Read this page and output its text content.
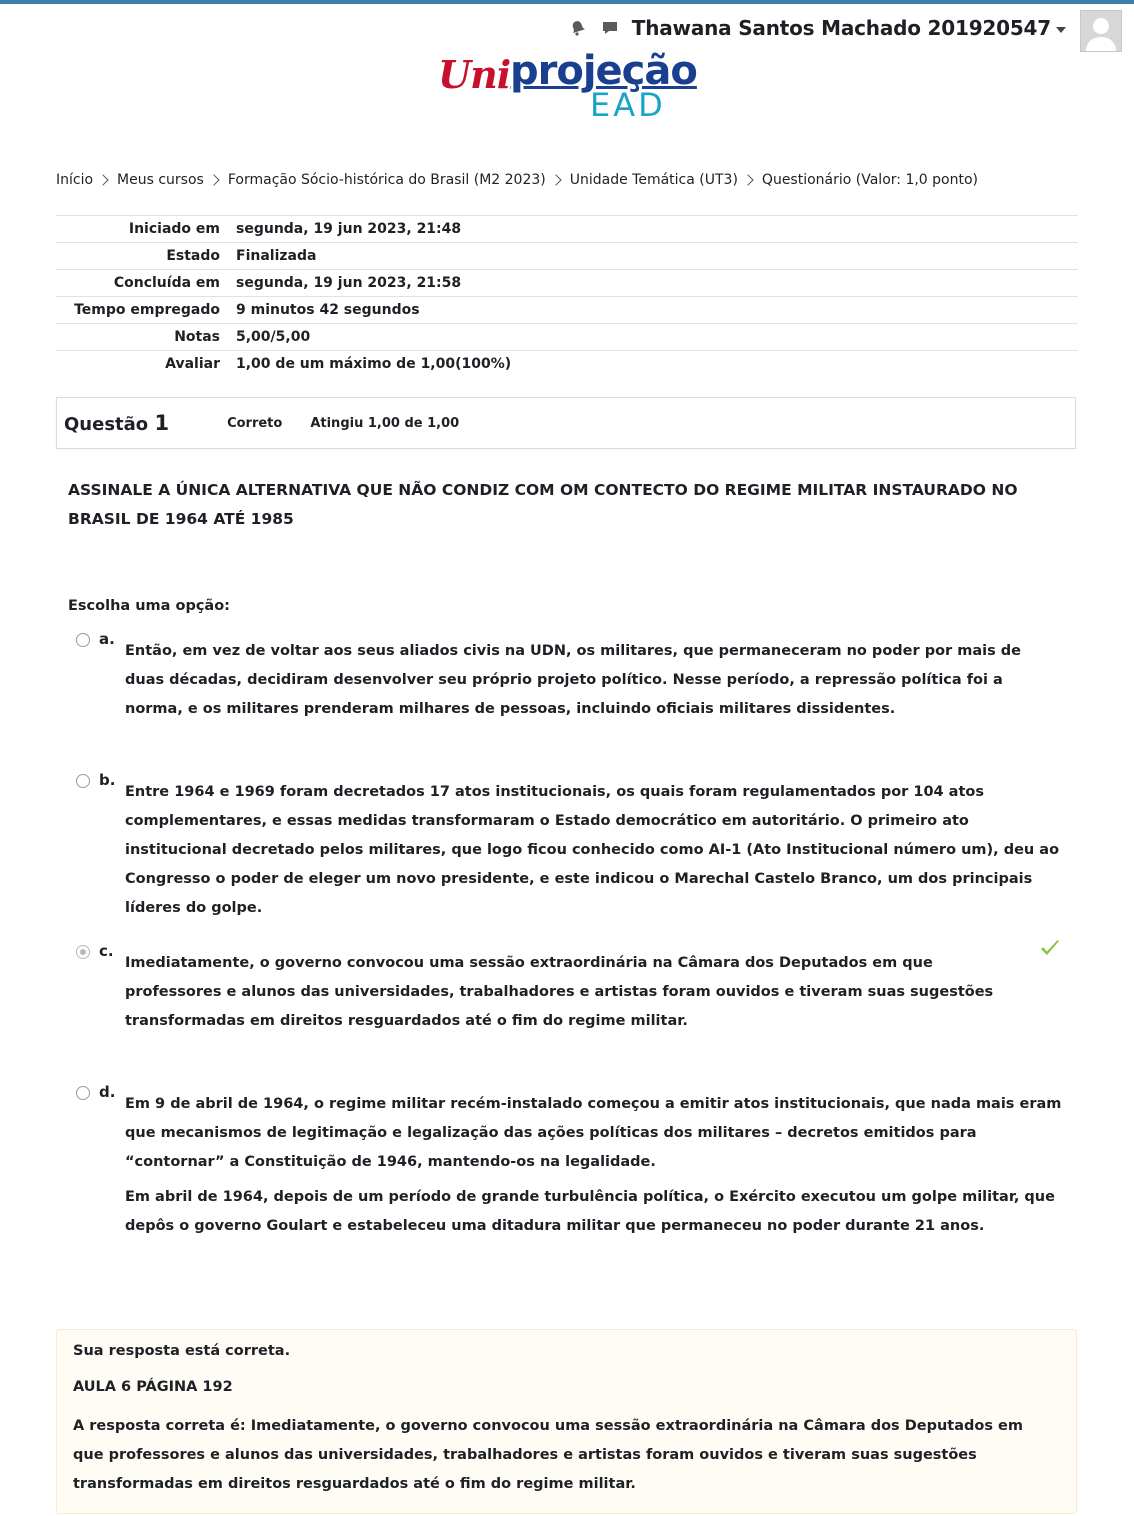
Thawana Santos Machado 201920547
Uni projeção
EAD
Início Meus cursos Formação Sócio-histórica do Brasil (M2 2023) Unidade Temática (UT3) Questionário (Valor: 1,0 ponto)
Iniciado em	segunda, 19 jun 2023, 21:48
Estado	Finalizada
Concluída em	segunda, 19 jun 2023, 21:58
Tempo empregado	9 minutos 42 segundos
Notas	5,00/5,00
Avaliar	1,00 de um máximo de 1,00(100%)
Questão 1	Correto Atingiu 1,00 de 1,00
ASSINALE A ÚNICA ALTERNATIVA QUE NÃO CONDIZ COM OM CONTECTO DO REGIME MILITAR INSTAURADO NO BRASIL DE 1964 ATÉ 1985
Escolha uma opção:
a.

Então, em vez de voltar aos seus aliados civis na UDN, os militares, que permaneceram no poder por mais de duas décadas, decidiram desenvolver seu próprio projeto político. Nesse período, a repressão política foi a norma, e os militares prenderam milhares de pessoas, incluindo oficiais militares dissidentes.

b.

Entre 1964 e 1969 foram decretados 17 atos institucionais, os quais foram regulamentados por 104 atos complementares, e essas medidas transformaram o Estado democrático em autoritário. O primeiro ato institucional decretado pelos militares, que logo ficou conhecido como AI-1 (Ato Institucional número um), deu ao Congresso o poder de eleger um novo presidente, e este indicou o Marechal Castelo Branco, um dos principais líderes do golpe.

c.

Imediatamente, o governo convocou uma sessão extraordinária na Câmara dos Deputados em que professores e alunos das universidades, trabalhadores e artistas foram ouvidos e tiveram suas sugestões transformadas em direitos resguardados até o fim do regime militar.

d.

Em 9 de abril de 1964, o regime militar recém-instalado começou a emitir atos institucionais, que nada mais eram que mecanismos de legitimação e legalização das ações políticas dos militares – decretos emitidos para “contornar” a Constituição de 1946, mantendo-os na legalidade.

Em abril de 1964, depois de um período de grande turbulência política, o Exército executou um golpe militar, que depôs o governo Goulart e estabeleceu uma ditadura militar que permaneceu no poder durante 21 anos.

Sua resposta está correta.
AULA 6 PÁGINA 192
A resposta correta é: Imediatamente, o governo convocou uma sessão extraordinária na Câmara dos Deputados em que professores e alunos das universidades, trabalhadores e artistas foram ouvidos e tiveram suas sugestões transformadas em direitos resguardados até o fim do regime militar.
